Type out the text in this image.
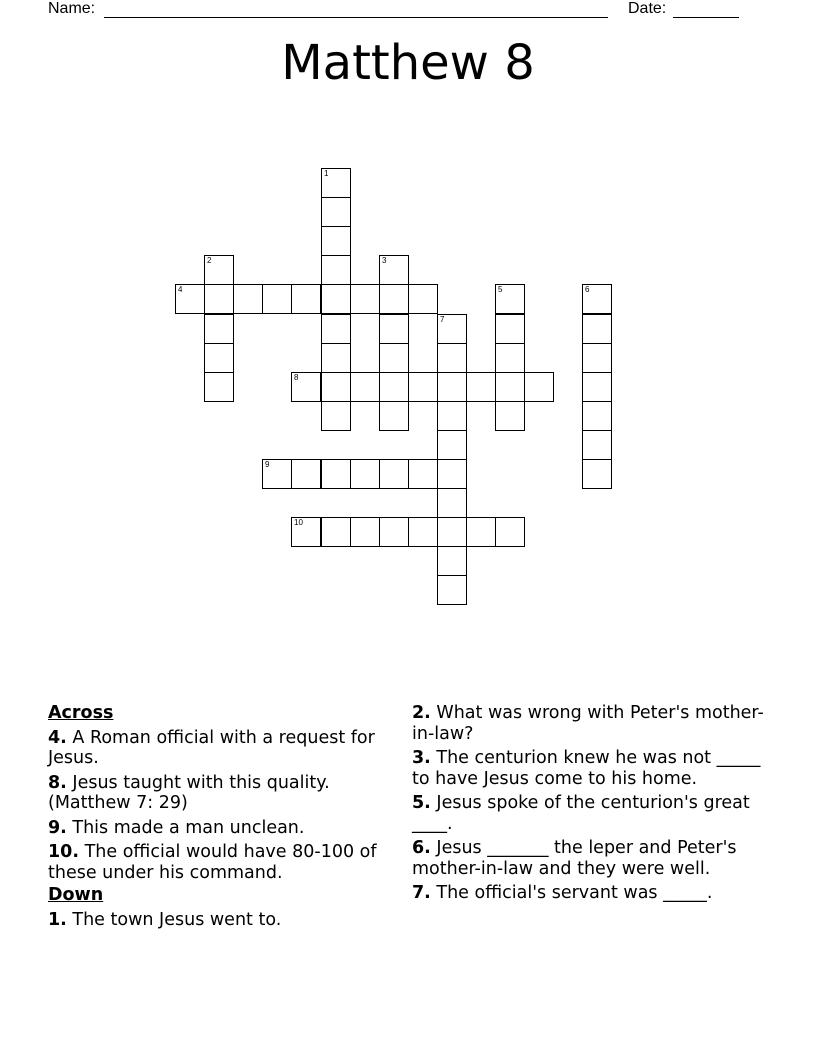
Name:	Date:
Matthew 8
1
2	3
4	5	6
7
8
9
10
Across
4. A Roman official with a request for Jesus.
8. Jesus taught with this quality. (Matthew 7: 29)
9. This made a man unclean.
10. The official would have 80-100 of these under his command.
Down
1. The town Jesus went to.
2. What was wrong with Peter's mother-in-law?
3. The centurion knew he was not _____ to have Jesus come to his home.
5. Jesus spoke of the centurion's great ____.
6. Jesus _______ the leper and Peter's mother-in-law and they were well.
7. The official's servant was _____.
